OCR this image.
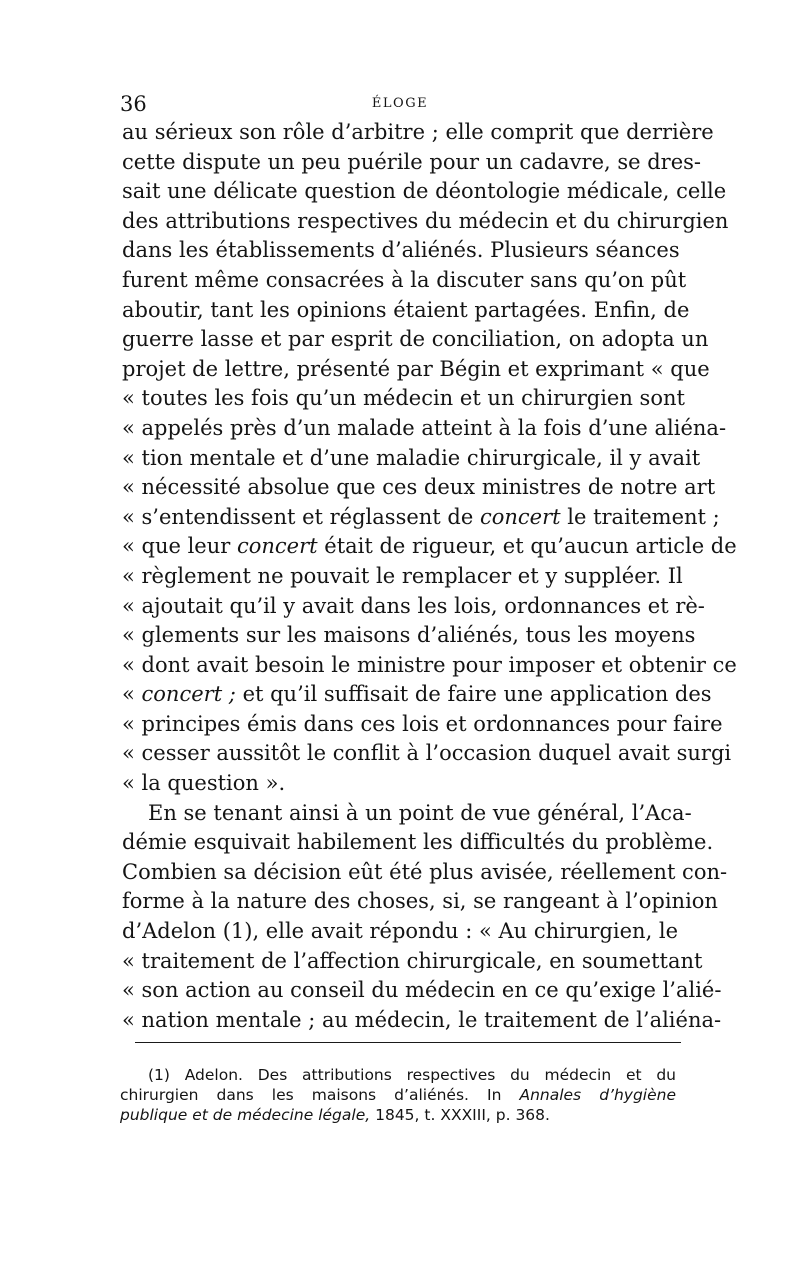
36	ÉLOGE
au sérieux son rôle d’arbitre ; elle comprit que derrière
cette dispute un peu puérile pour un cadavre, se dres-
sait une délicate question de déontologie médicale, celle
des attributions respectives du médecin et du chirurgien
dans les établissements d’aliénés. Plusieurs séances
furent même consacrées à la discuter sans qu’on pût
aboutir, tant les opinions étaient partagées. Enfin, de
guerre lasse et par esprit de conciliation, on adopta un
projet de lettre, présenté par Bégin et exprimant « que
« toutes les fois qu’un médecin et un chirurgien sont
« appelés près d’un malade atteint à la fois d’une aliéna-
« tion mentale et d’une maladie chirurgicale, il y avait
« nécessité absolue que ces deux ministres de notre art
« s’entendissent et réglassent de concert le traitement ;
« que leur concert était de rigueur, et qu’aucun article de
« règlement ne pouvait le remplacer et y suppléer. Il
« ajoutait qu’il y avait dans les lois, ordonnances et rè-
« glements sur les maisons d’aliénés, tous les moyens
« dont avait besoin le ministre pour imposer et obtenir ce
« concert ; et qu’il suffisait de faire une application des
« principes émis dans ces lois et ordonnances pour faire
« cesser aussitôt le conflit à l’occasion duquel avait surgi
« la question ».
En se tenant ainsi à un point de vue général, l’Aca-
démie esquivait habilement les difficultés du problème.
Combien sa décision eût été plus avisée, réellement con-
forme à la nature des choses, si, se rangeant à l’opinion
d’Adelon (1), elle avait répondu : « Au chirurgien, le
« traitement de l’affection chirurgicale, en soumettant
« son action au conseil du médecin en ce qu’exige l’alié-
« nation mentale ; au médecin, le traitement de l’aliéna-
(1) Adelon. Des attributions respectives du médecin et du
chirurgien dans les maisons d’aliénés. In Annales d’hygiène
publique et de médecine légale, 1845, t. XXXIII, p. 368.
